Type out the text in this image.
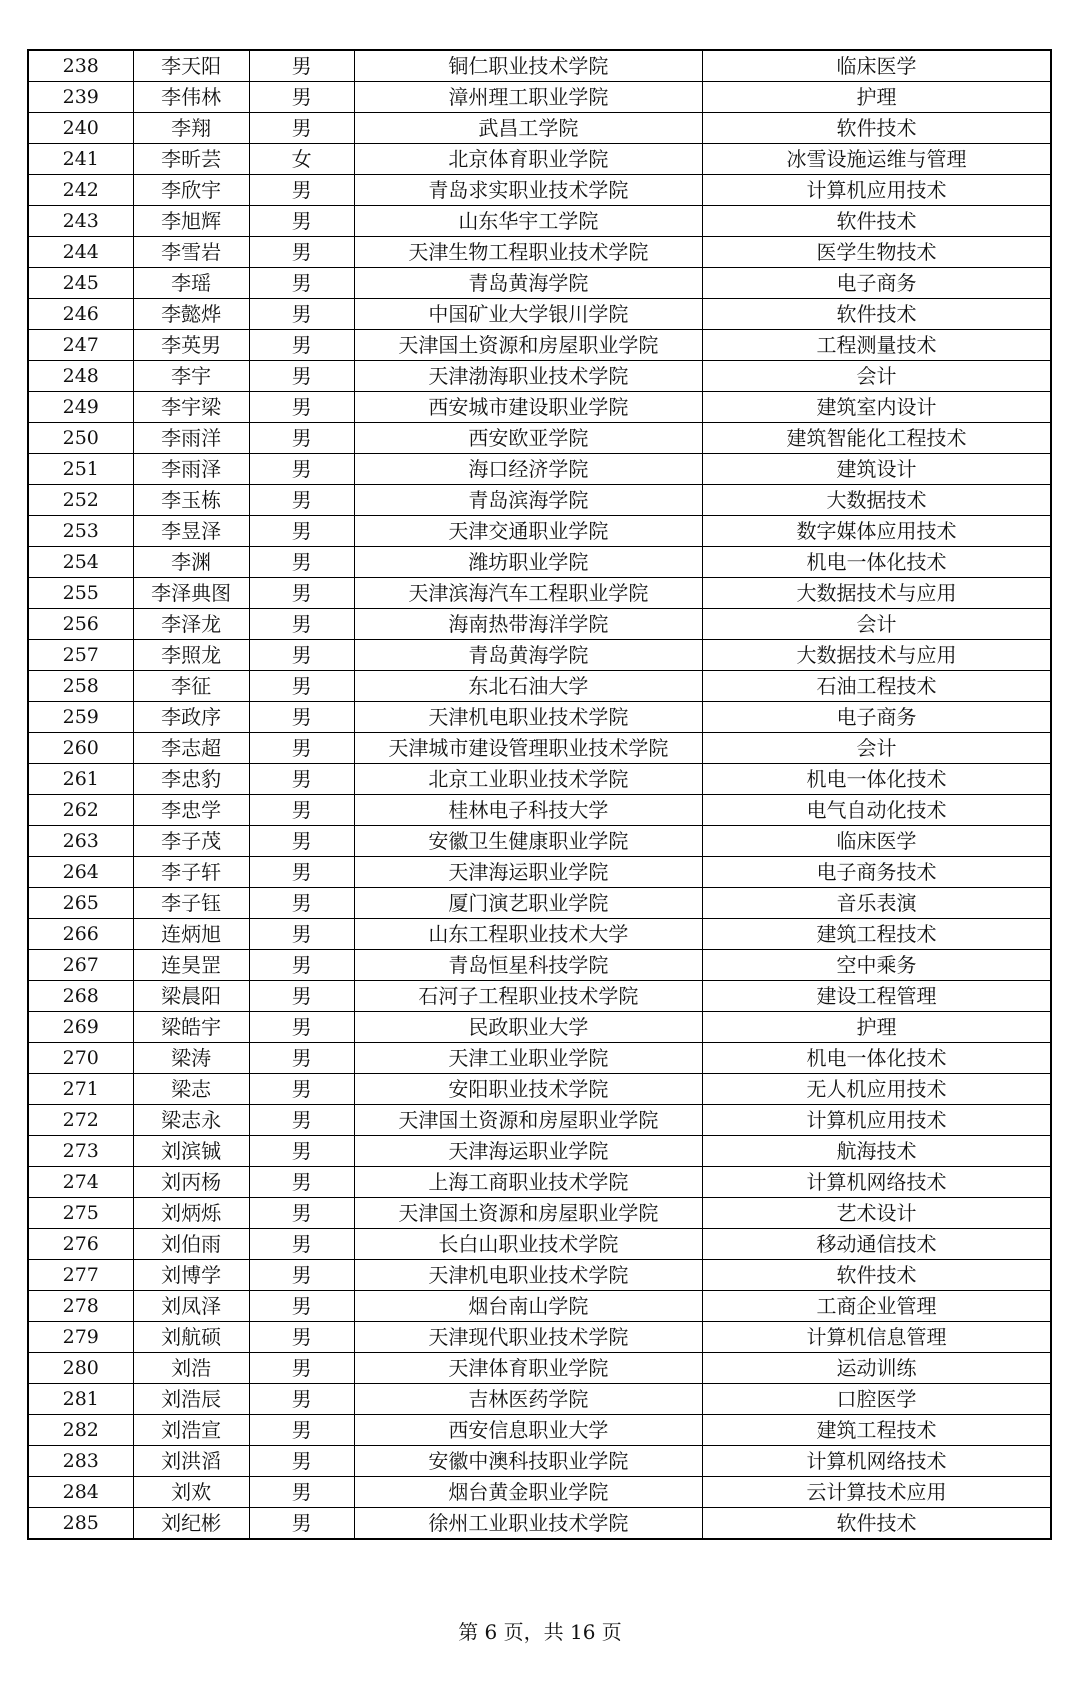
238	李天阳	男	铜仁职业技术学院	临床医学
239	李伟林	男	漳州理工职业学院	护理
240	李翔	男	武昌工学院	软件技术
241	李昕芸	女	北京体育职业学院	冰雪设施运维与管理
242	李欣宇	男	青岛求实职业技术学院	计算机应用技术
243	李旭辉	男	山东华宇工学院	软件技术
244	李雪岩	男	天津生物工程职业技术学院	医学生物技术
245	李瑶	男	青岛黄海学院	电子商务
246	李懿烨	男	中国矿业大学银川学院	软件技术
247	李英男	男	天津国土资源和房屋职业学院	工程测量技术
248	李宇	男	天津渤海职业技术学院	会计
249	李宇梁	男	西安城市建设职业学院	建筑室内设计
250	李雨洋	男	西安欧亚学院	建筑智能化工程技术
251	李雨泽	男	海口经济学院	建筑设计
252	李玉栋	男	青岛滨海学院	大数据技术
253	李昱泽	男	天津交通职业学院	数字媒体应用技术
254	李渊	男	潍坊职业学院	机电一体化技术
255	李泽典图	男	天津滨海汽车工程职业学院	大数据技术与应用
256	李泽龙	男	海南热带海洋学院	会计
257	李照龙	男	青岛黄海学院	大数据技术与应用
258	李征	男	东北石油大学	石油工程技术
259	李政序	男	天津机电职业技术学院	电子商务
260	李志超	男	天津城市建设管理职业技术学院	会计
261	李忠豹	男	北京工业职业技术学院	机电一体化技术
262	李忠学	男	桂林电子科技大学	电气自动化技术
263	李子茂	男	安徽卫生健康职业学院	临床医学
264	李子轩	男	天津海运职业学院	电子商务技术
265	李子钰	男	厦门演艺职业学院	音乐表演
266	连炳旭	男	山东工程职业技术大学	建筑工程技术
267	连昊罡	男	青岛恒星科技学院	空中乘务
268	梁晨阳	男	石河子工程职业技术学院	建设工程管理
269	梁皓宇	男	民政职业大学	护理
270	梁涛	男	天津工业职业学院	机电一体化技术
271	梁志	男	安阳职业技术学院	无人机应用技术
272	梁志永	男	天津国土资源和房屋职业学院	计算机应用技术
273	刘滨铖	男	天津海运职业学院	航海技术
274	刘丙杨	男	上海工商职业技术学院	计算机网络技术
275	刘炳烁	男	天津国土资源和房屋职业学院	艺术设计
276	刘伯雨	男	长白山职业技术学院	移动通信技术
277	刘博学	男	天津机电职业技术学院	软件技术
278	刘凤泽	男	烟台南山学院	工商企业管理
279	刘航硕	男	天津现代职业技术学院	计算机信息管理
280	刘浩	男	天津体育职业学院	运动训练
281	刘浩辰	男	吉林医药学院	口腔医学
282	刘浩宣	男	西安信息职业大学	建筑工程技术
283	刘洪滔	男	安徽中澳科技职业学院	计算机网络技术
284	刘欢	男	烟台黄金职业学院	云计算技术应用
285	刘纪彬	男	徐州工业职业技术学院	软件技术
第 6 页，共 16 页
